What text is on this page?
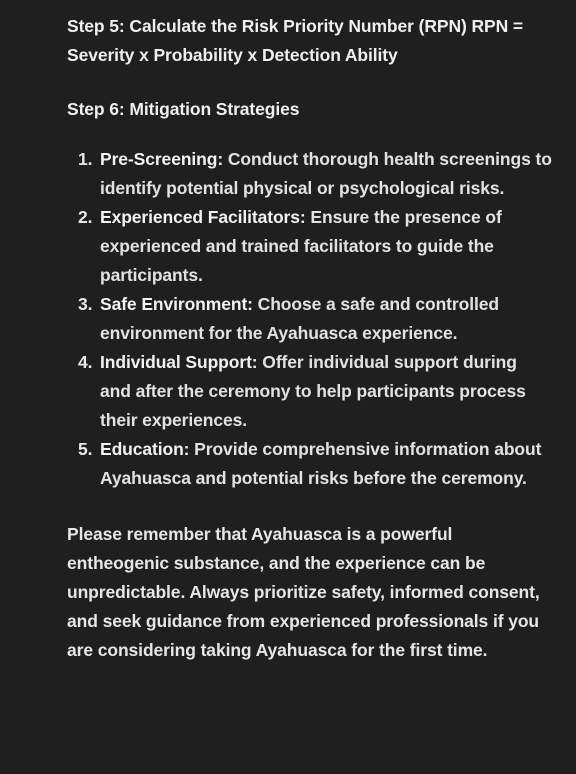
Step 5: Calculate the Risk Priority Number (RPN) RPN = Severity x Probability x Detection Ability

Step 6: Mitigation Strategies

1. Pre-Screening: Conduct thorough health screenings to identify potential physical or psychological risks.
2. Experienced Facilitators: Ensure the presence of experienced and trained facilitators to guide the participants.
3. Safe Environment: Choose a safe and controlled environment for the Ayahuasca experience.
4. Individual Support: Offer individual support during and after the ceremony to help participants process their experiences.
5. Education: Provide comprehensive information about Ayahuasca and potential risks before the ceremony.

Please remember that Ayahuasca is a powerful entheogenic substance, and the experience can be unpredictable. Always prioritize safety, informed consent, and seek guidance from experienced professionals if you are considering taking Ayahuasca for the first time.
